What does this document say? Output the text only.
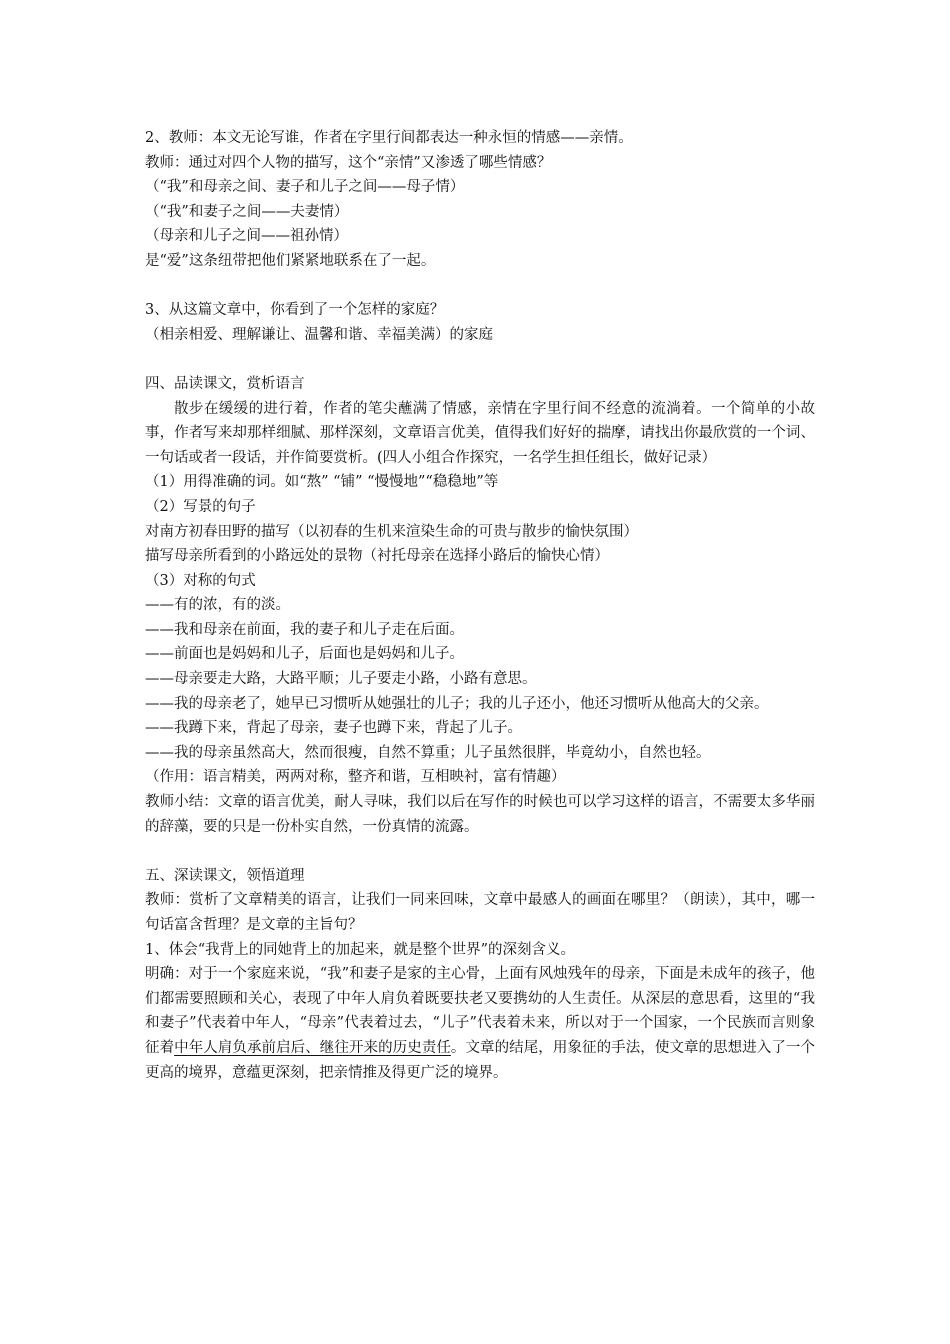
2、教师：本文无论写谁，作者在字里行间都表达一种永恒的情感——亲情。
教师：通过对四个人物的描写，这个“亲情”又渗透了哪些情感？
（“我”和母亲之间、妻子和儿子之间——母子情）
（“我”和妻子之间——夫妻情）
（母亲和儿子之间——祖孙情）
是“爱”这条纽带把他们紧紧地联系在了一起。
3、从这篇文章中，你看到了一个怎样的家庭？
（相亲相爱、理解谦让、温馨和谐、幸福美满）的家庭
四、品读课文，赏析语言
散步在缓缓的进行着，作者的笔尖蘸满了情感，亲情在字里行间不经意的流淌着。一个简单的小故事，作者写来却那样细腻、那样深刻，文章语言优美，值得我们好好的揣摩，请找出你最欣赏的一个词、一句话或者一段话，并作简要赏析。(四人小组合作探究，一名学生担任组长，做好记录）
（1）用得准确的词。如“熬” “铺” “慢慢地”“稳稳地”等
（2）写景的句子
对南方初春田野的描写（以初春的生机来渲染生命的可贵与散步的愉快氛围）
描写母亲所看到的小路远处的景物（衬托母亲在选择小路后的愉快心情）
（3）对称的句式
——有的浓，有的淡。
——我和母亲在前面，我的妻子和儿子走在后面。
——前面也是妈妈和儿子，后面也是妈妈和儿子。
——母亲要走大路，大路平顺；儿子要走小路，小路有意思。
——我的母亲老了，她早已习惯听从她强壮的儿子；我的儿子还小，他还习惯听从他高大的父亲。
——我蹲下来，背起了母亲，妻子也蹲下来，背起了儿子。
——我的母亲虽然高大，然而很瘦，自然不算重；儿子虽然很胖，毕竟幼小，自然也轻。
（作用：语言精美，两两对称，整齐和谐，互相映衬，富有情趣）
教师小结：文章的语言优美，耐人寻味，我们以后在写作的时候也可以学习这样的语言，不需要太多华丽的辞藻，要的只是一份朴实自然，一份真情的流露。
五、深读课文，领悟道理
教师：赏析了文章精美的语言，让我们一同来回味，文章中最感人的画面在哪里？（朗读），其中，哪一句话富含哲理？是文章的主旨句？
1、体会“我背上的同她背上的加起来，就是整个世界”的深刻含义。
明确：对于一个家庭来说，“我”和妻子是家的主心骨，上面有风烛残年的母亲，下面是未成年的孩子，他们都需要照顾和关心，表现了中年人肩负着既要扶老又要携幼的人生责任。从深层的意思看，这里的“我和妻子”代表着中年人，“母亲”代表着过去，“儿子”代表着未来，所以对于一个国家，一个民族而言则象征着中年人肩负承前启后、继往开来的历史责任。文章的结尾，用象征的手法，使文章的思想进入了一个更高的境界，意蕴更深刻，把亲情推及得更广泛的境界。
